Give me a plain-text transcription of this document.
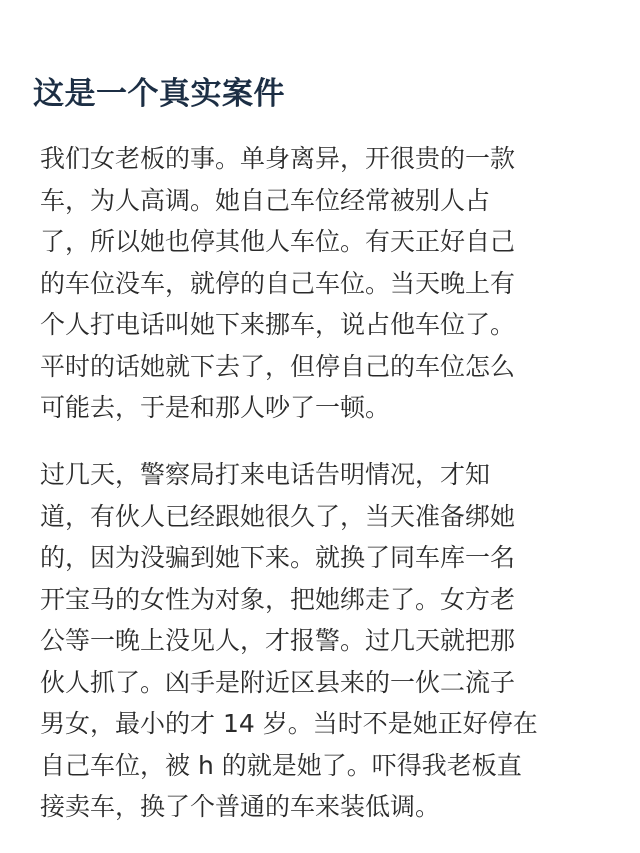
这是一个真实案件
我们女老板的事。单身离异，开很贵的一款
车，为人高调。她自己车位经常被别人占
了，所以她也停其他人车位。有天正好自己
的车位没车，就停的自己车位。当天晚上有
个人打电话叫她下来挪车，说占他车位了。
平时的话她就下去了，但停自己的车位怎么
可能去，于是和那人吵了一顿。
过几天，警察局打来电话告明情况，才知
道，有伙人已经跟她很久了，当天准备绑她
的，因为没骗到她下来。就换了同车库一名
开宝马的女性为对象，把她绑走了。女方老
公等一晚上没见人，才报警。过几天就把那
伙人抓了。凶手是附近区县来的一伙二流子
男女，最小的才 14 岁。当时不是她正好停在
自己车位，被 h 的就是她了。吓得我老板直
接卖车，换了个普通的车来装低调。
